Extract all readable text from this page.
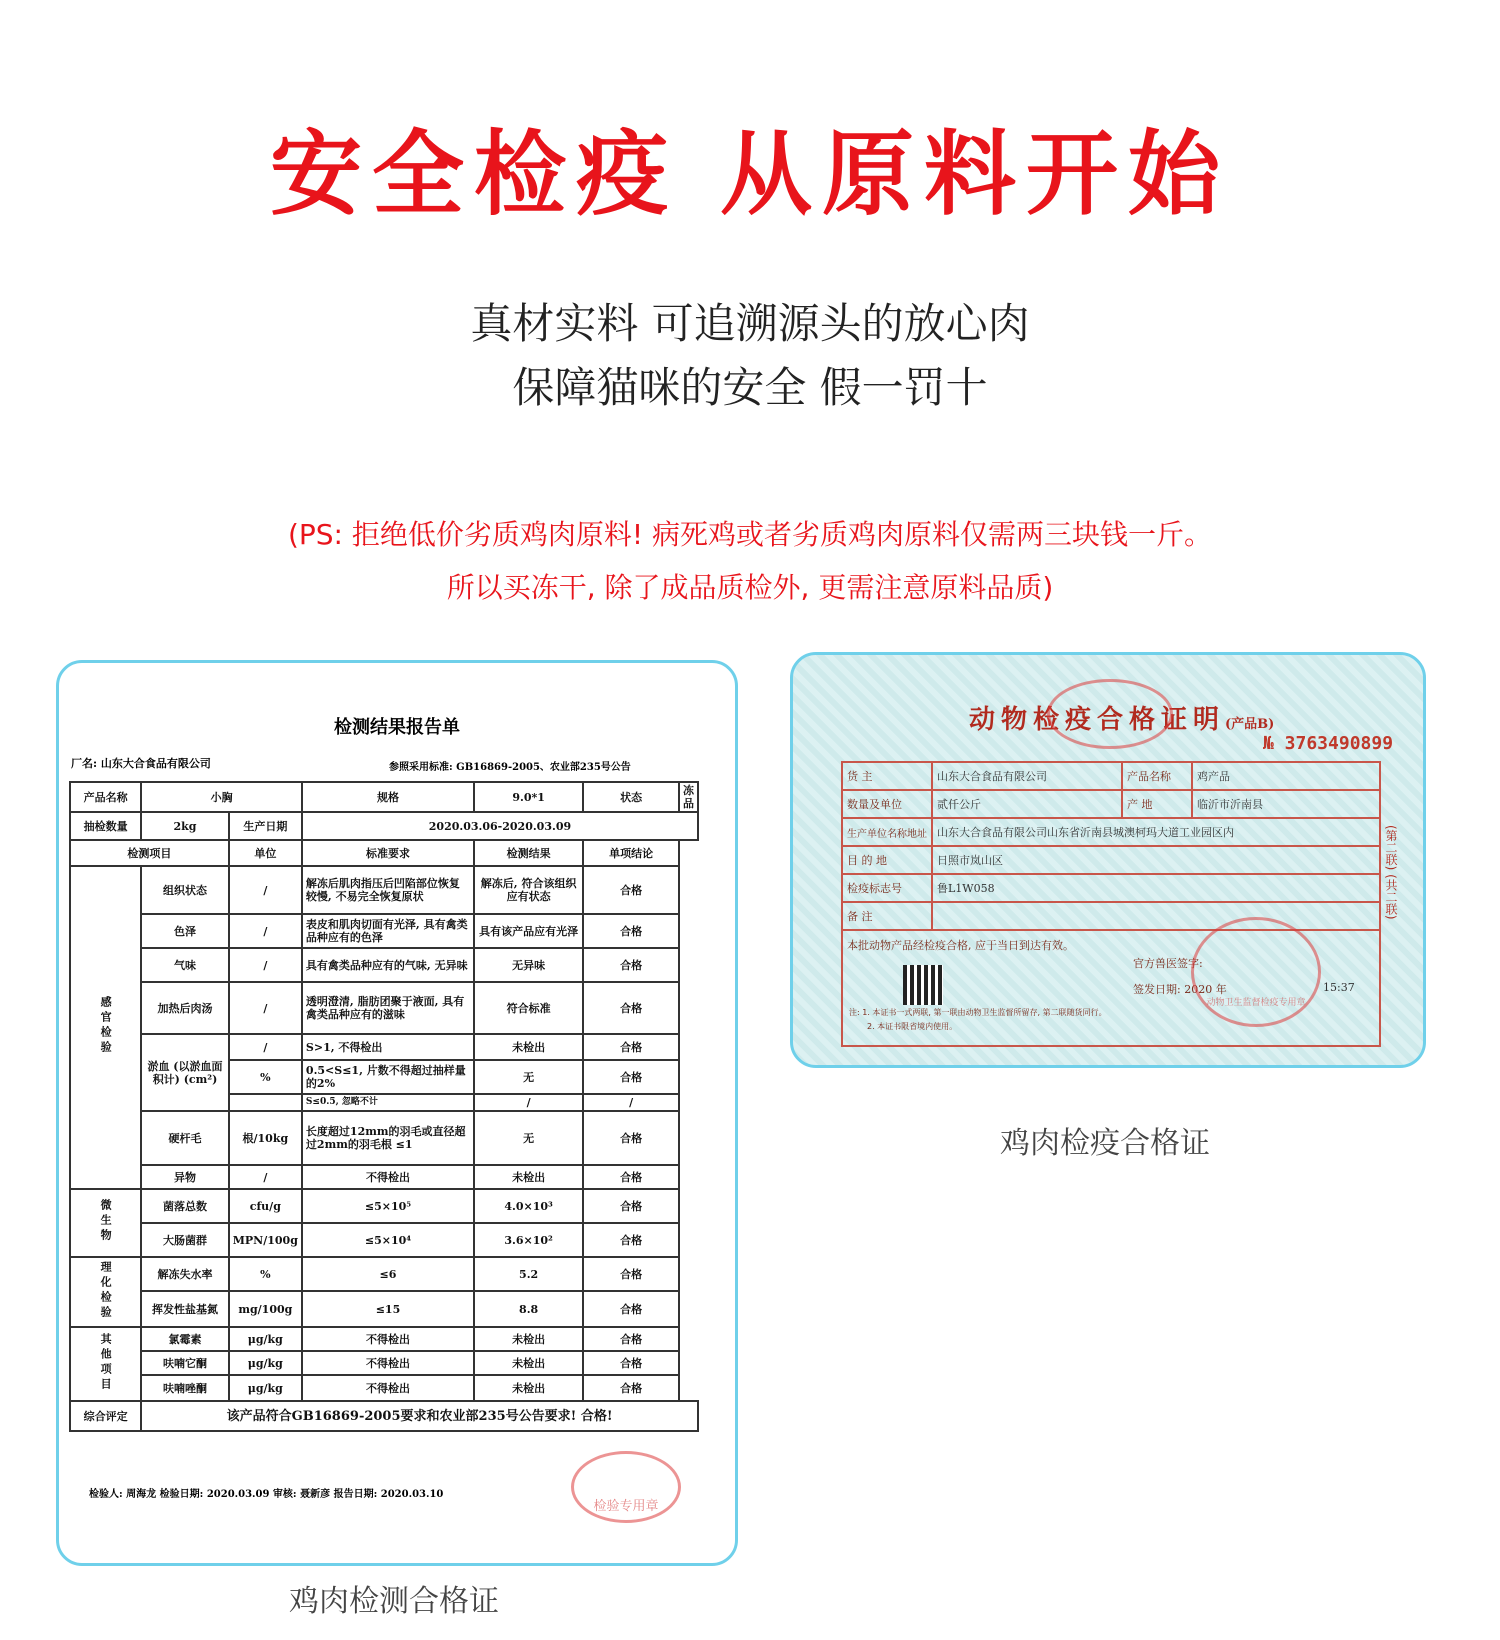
安全检疫 从原料开始
真材实料 可追溯源头的放心肉
保障猫咪的安全 假一罚十
(PS: 拒绝低价劣质鸡肉原料! 病死鸡或者劣质鸡肉原料仅需两三块钱一斤。
所以买冻干, 除了成品质检外, 更需注意原料品质)
检测结果报告单
厂名: 山东大合食品有限公司	参照采用标准: GB16869-2005、农业部235号公告
产品名称	小胸		规格	9.0*1	状态	冻品
抽检数量	2kg	生产日期	2020.03.06-2020.03.09			
检测项目		单位	标准要求	检测结果	单项结论	
感官检验	组织状态	/	解冻后肌肉指压后凹陷部位恢复较慢, 不易完全恢复原状	解冻后, 符合该组织应有状态	合格	
	色泽	/	表皮和肌肉切面有光泽, 具有禽类品种应有的色泽	具有该产品应有光泽	合格	
	气味	/	具有禽类品种应有的气味, 无异味	无异味	合格	
	加热后肉汤	/	透明澄清, 脂肪团聚于液面, 具有禽类品种应有的滋味	符合标准	合格	
	淤血 (以淤血面积计) (cm²)	/	S>1, 不得检出	未检出	合格	
		%	0.5<S≤1, 片数不得超过抽样量的2%	无	合格	
			S≤0.5, 忽略不计	/	/	
	硬杆毛	根/10kg	长度超过12mm的羽毛或直径超过2mm的羽毛根 ≤1	无	合格	
	异物	/	不得检出	未检出	合格	
微生物	菌落总数	cfu/g	≤5×10⁵	4.0×10³	合格	
	大肠菌群	MPN/100g	≤5×10⁴	3.6×10²	合格	
理化检验	解冻失水率	%	≤6	5.2	合格	
	挥发性盐基氮	mg/100g	≤15	8.8	合格	
其他项目	氯霉素	μg/kg	不得检出	未检出	合格	
	呋喃它酮	μg/kg	不得检出	未检出	合格	
	呋喃唑酮	μg/kg	不得检出	未检出	合格	
综合评定	该产品符合GB16869-2005要求和农业部235号公告要求! 合格!					
检验人: 周海龙 检验日期: 2020.03.09 审核: 聂新彦 报告日期: 2020.03.10
检验专用章
动物检疫合格证明(产品B)
№ 3763490899
(第二联) (共二联)
货 主	山东大合食品有限公司	产品名称	鸡产品
数量及单位	贰仟公斤	产 地	临沂市沂南县
生产单位名称地址	山东大合食品有限公司山东省沂南县城澳柯玛大道工业园区内		
目 的 地	日照市岚山区		
检疫标志号	鲁L1W058		
备 注			

本批动物产品经检疫合格, 应于当日到达有效。
官方兽医签字:
签发日期: 2020 年 15:37			
动物卫生监督检疫专用章
注: 1. 本证书一式两联, 第一联由动物卫生监督所留存, 第二联随货同行。
2. 本证书限省境内使用。
鸡肉检测合格证
鸡肉检疫合格证
